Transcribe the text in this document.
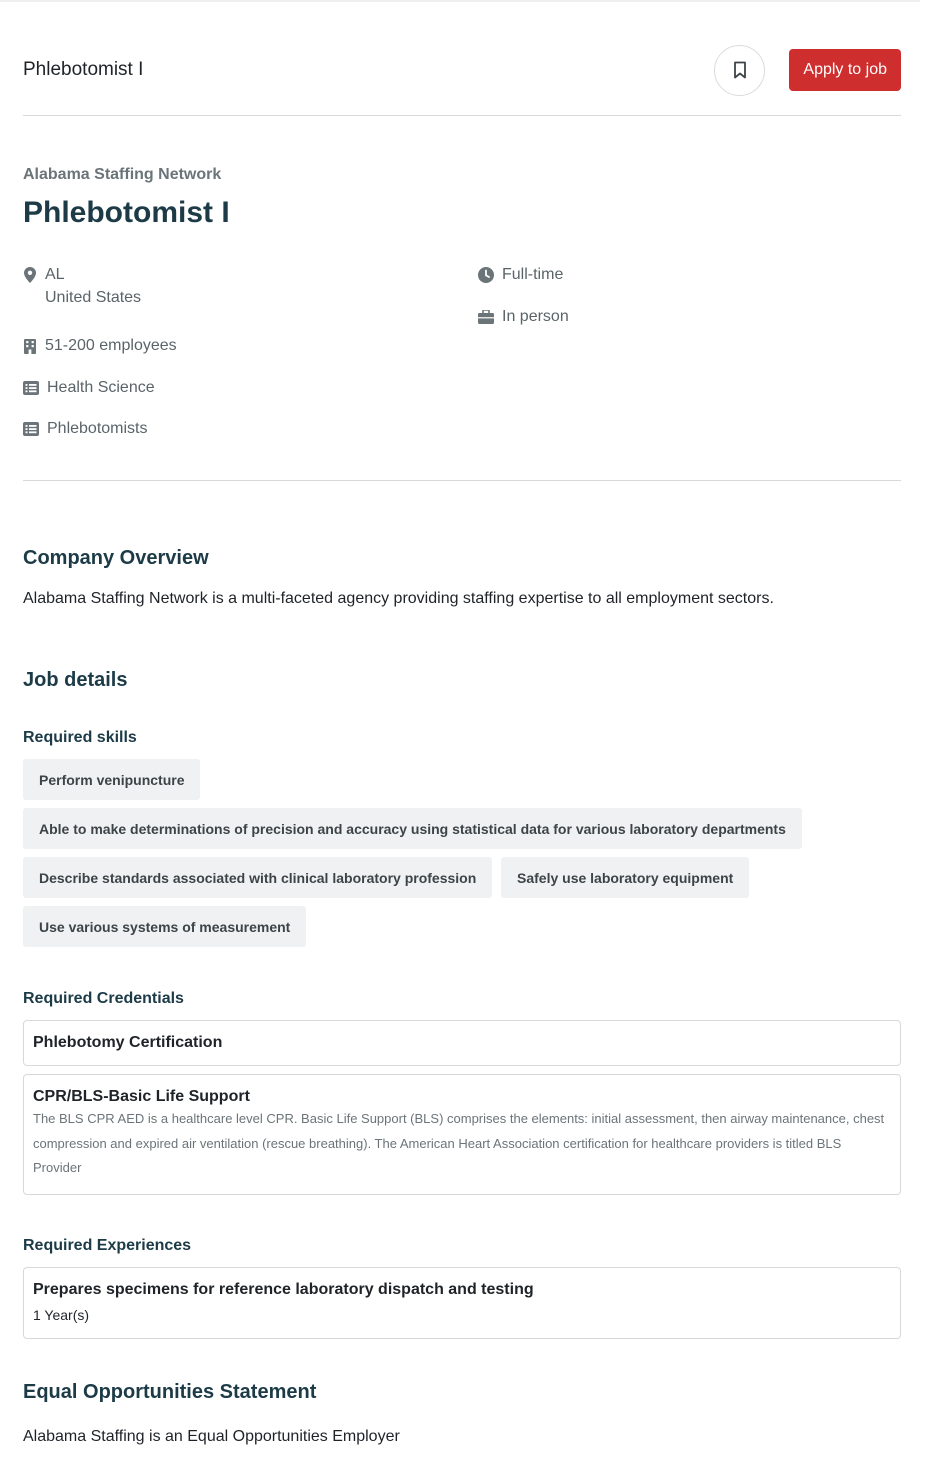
Phlebotomist I	Apply to job
Alabama Staffing Network
Phlebotomist I
AL
United States
51-200 employees
Health Science
Phlebotomists
Full-time
In person
Company Overview

Alabama Staffing Network is a multi-faceted agency providing staffing expertise to all employment sectors.

Job details
Required skills
Perform venipuncture
Able to make determinations of precision and accuracy using statistical data for various laboratory departments
Describe standards associated with clinical laboratory profession	Safely use laboratory equipment
Use various systems of measurement
Required Credentials
Phlebotomy Certification
CPR/BLS-Basic Life Support
The BLS CPR AED is a healthcare level CPR. Basic Life Support (BLS) comprises the elements: initial assessment, then airway maintenance, chest compression and expired air ventilation (rescue breathing). The American Heart Association certification for healthcare providers is titled BLS Provider
Required Experiences
Prepares specimens for reference laboratory dispatch and testing
1 Year(s)
Equal Opportunities Statement

Alabama Staffing is an Equal Opportunities Employer
